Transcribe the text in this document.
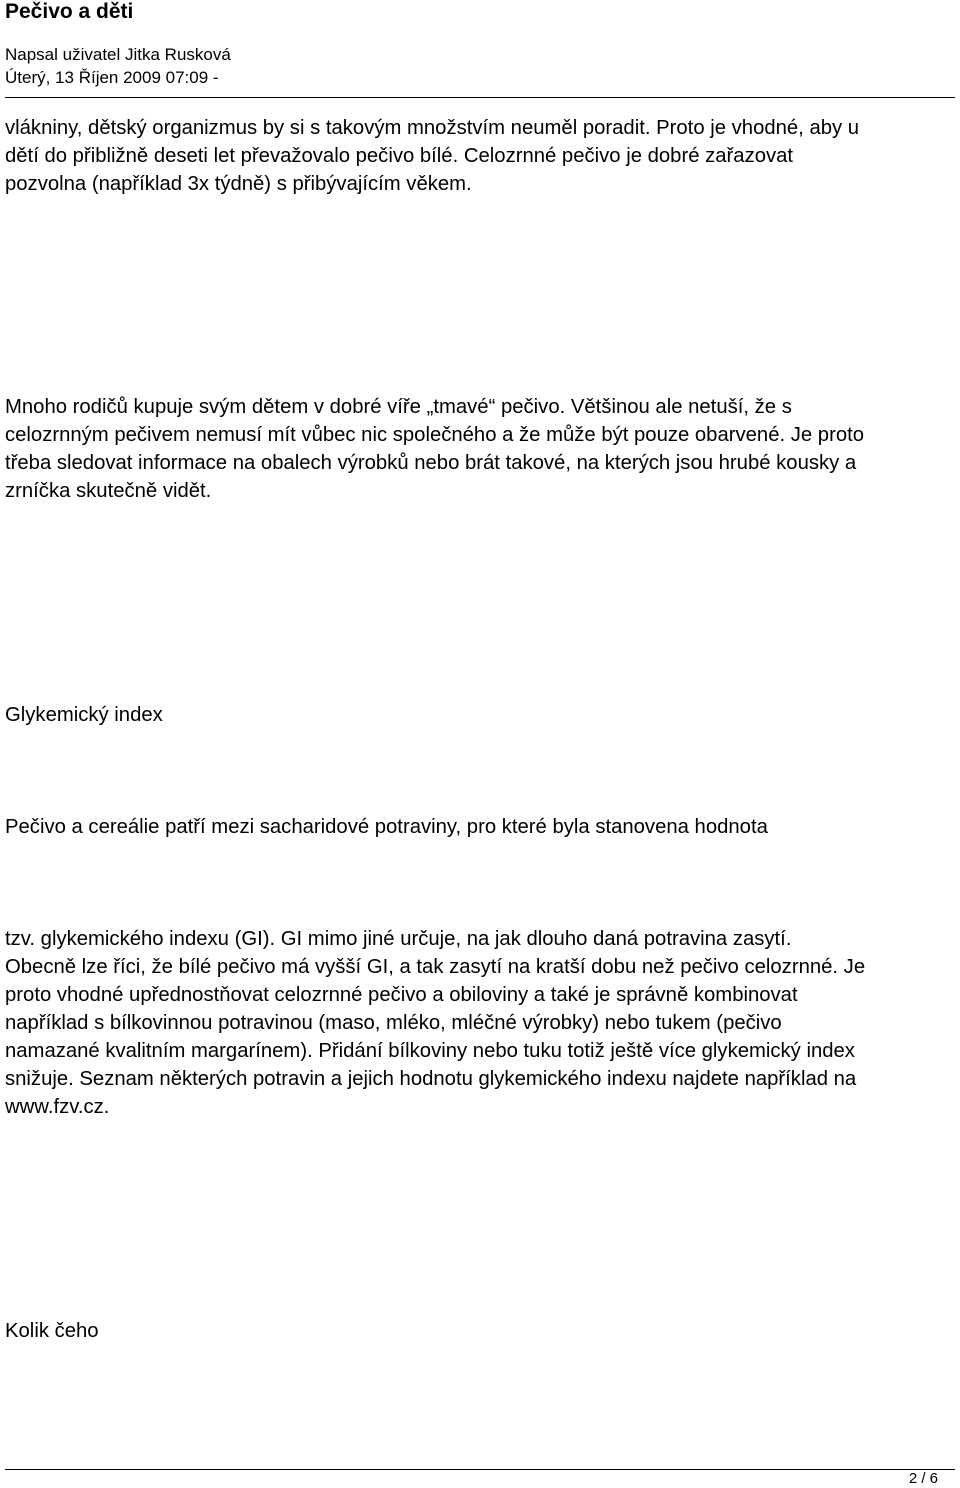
Pečivo a děti

Napsal uživatel Jitka Rusková

Úterý, 13 Říjen 2009 07:09 -

vlákniny, dětský organizmus by si s takovým množstvím neuměl poradit. Proto je vhodné, aby u
dětí do přibližně deseti let převažovalo pečivo bílé. Celozrnné pečivo je dobré zařazovat
pozvolna (například 3x týdně) s přibývajícím věkem.

Mnoho rodičů kupuje svým dětem v dobré víře „tmavé“ pečivo. Většinou ale netuší, že s
celozrnným pečivem nemusí mít vůbec nic společného a že může být pouze obarvené. Je proto
třeba sledovat informace na obalech výrobků nebo brát takové, na kterých jsou hrubé kousky a
zrníčka skutečně vidět.

Glykemický index

Pečivo a cereálie patří mezi sacharidové potraviny, pro které byla stanovena hodnota

tzv. glykemického indexu (GI). GI mimo jiné určuje, na jak dlouho daná potravina zasytí.
Obecně lze říci, že bílé pečivo má vyšší GI, a tak zasytí na kratší dobu než pečivo celozrnné. Je
proto vhodné upřednostňovat celozrnné pečivo a obiloviny a také je správně kombinovat
například s bílkovinnou potravinou (maso, mléko, mléčné výrobky) nebo tukem (pečivo
namazané kvalitním margarínem). Přidání bílkoviny nebo tuku totiž ještě více glykemický index
snižuje. Seznam některých potravin a jejich hodnotu glykemického indexu najdete například na
www.fzv.cz.

Kolik čeho

2 / 6
